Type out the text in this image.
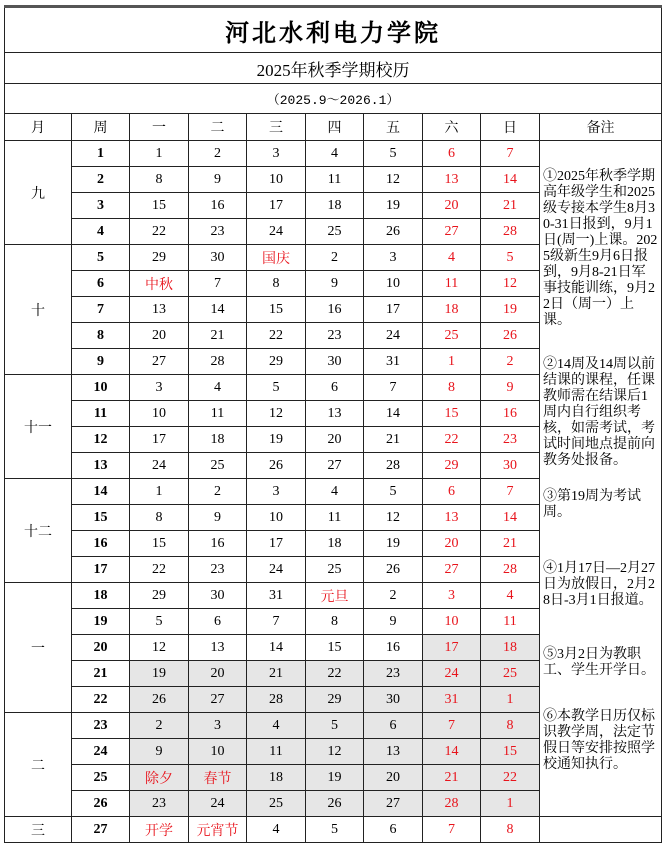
河北水利电力学院									
2025年秋季学期校历									
（2025.9～2026.1）									
月	周	一	二	三	四	五	六	日	备注
九	1	1	2	3	4	5	6	7	
①2025年秋季学期高年级学生和2025级专接本学生8月30-31日报到，9月1日(周一)上课。2025级新生9月6日报到，9月8-21日军事技能训练，9月22日（周一）上课。
②14周及14周以前结课的课程，任课教师需在结课后1周内自行组织考核，如需考试，考试时间地点提前向教务处报备。
③第19周为考试周。
④1月17日—2月27日为放假日，2月28日-3月1日报道。
⑤3月2日为教职工、学生开学日。
⑥本教学日历仅标识教学周，法定节假日等安排按照学校通知执行。

	2	8	9	10	11	12	13	14	
	3	15	16	17	18	19	20	21	
	4	22	23	24	25	26	27	28	
十	5	29	30	国庆	2	3	4	5	
	6	中秋	7	8	9	10	11	12	
	7	13	14	15	16	17	18	19	
	8	20	21	22	23	24	25	26	
	9	27	28	29	30	31	1	2	
十一	10	3	4	5	6	7	8	9	
	11	10	11	12	13	14	15	16	
	12	17	18	19	20	21	22	23	
	13	24	25	26	27	28	29	30	
十二	14	1	2	3	4	5	6	7	
	15	8	9	10	11	12	13	14	
	16	15	16	17	18	19	20	21	
	17	22	23	24	25	26	27	28	
一	18	29	30	31	元旦	2	3	4	
	19	5	6	7	8	9	10	11	
	20	12	13	14	15	16	17	18	
	21	19	20	21	22	23	24	25	
	22	26	27	28	29	30	31	1	
二	23	2	3	4	5	6	7	8	
	24	9	10	11	12	13	14	15	
	25	除夕	春节	18	19	20	21	22	
	26	23	24	25	26	27	28	1	
三	27	开学	元宵节	4	5	6	7	8	
